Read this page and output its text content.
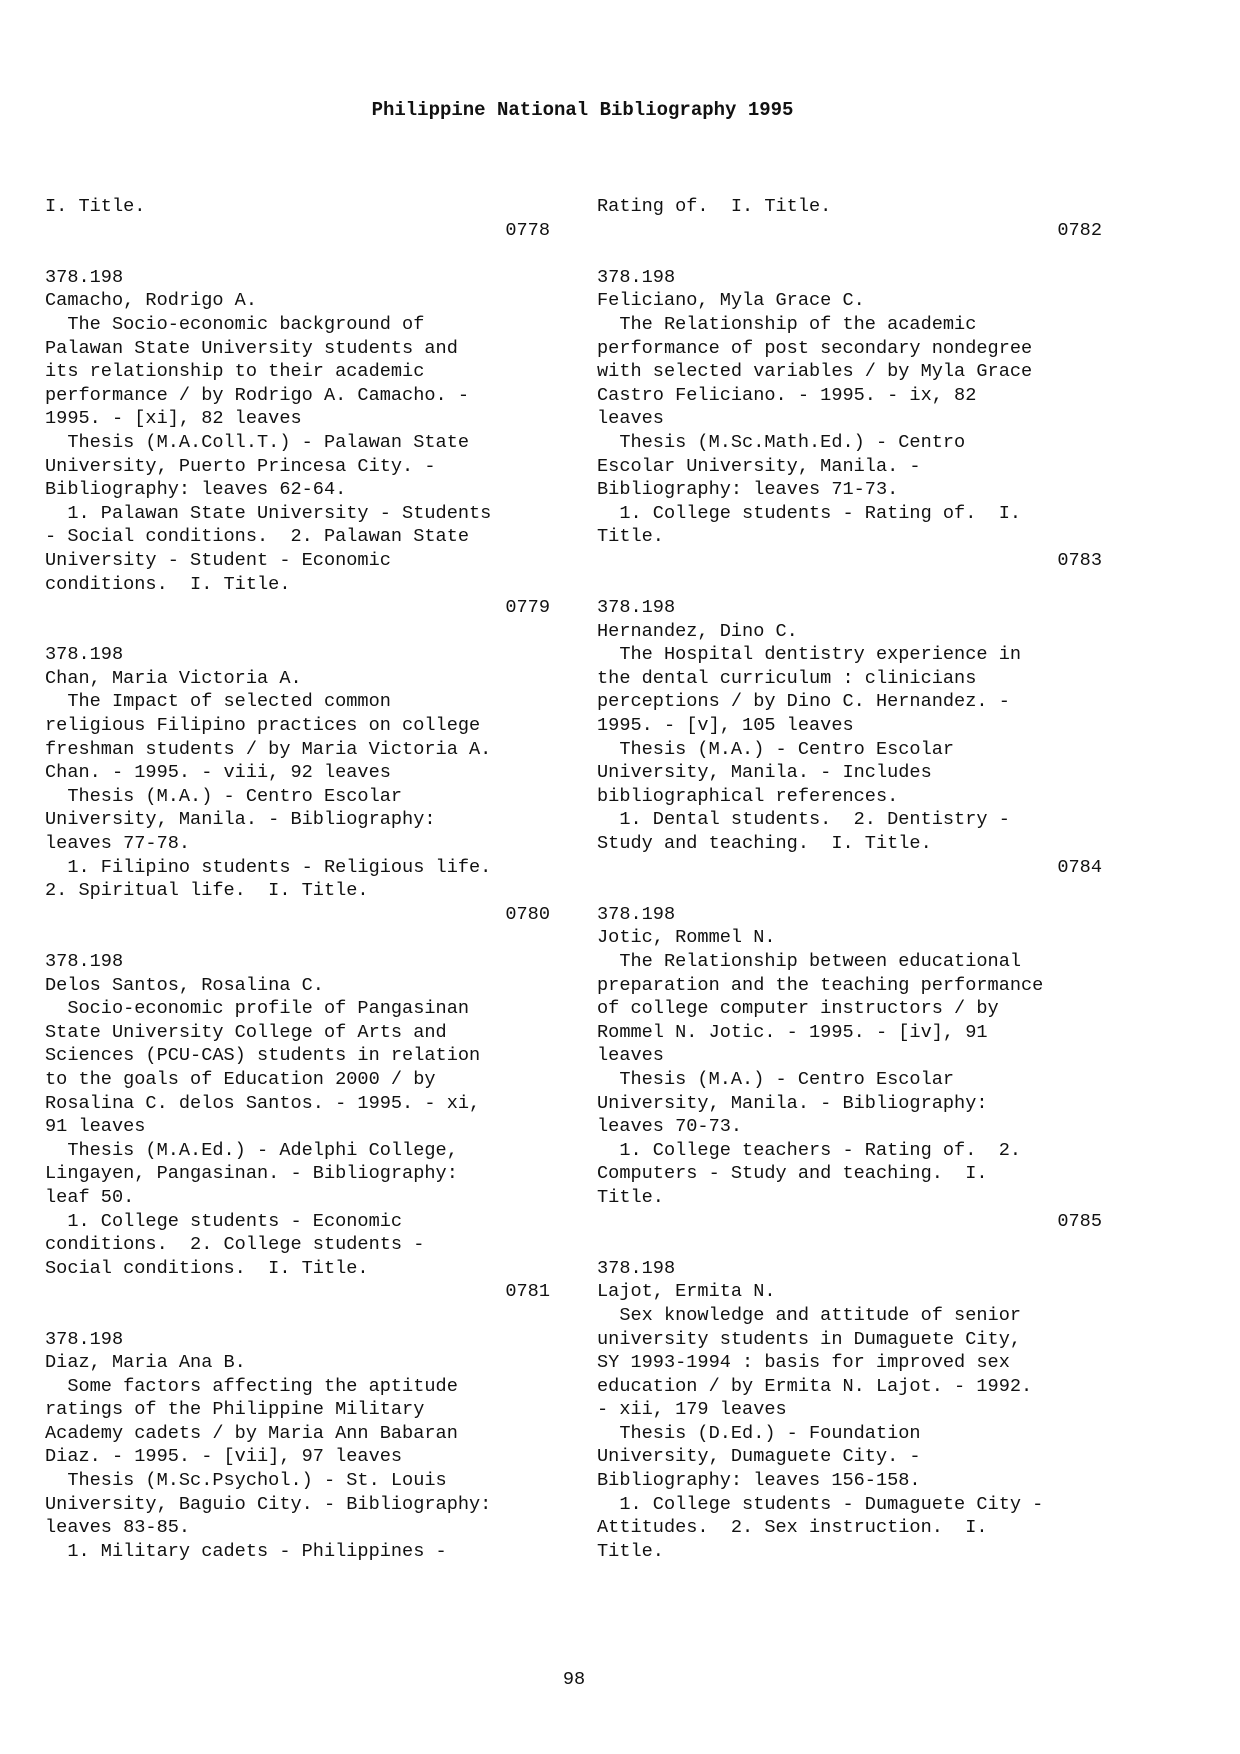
Philippine National Bibliography 1995
I. Title.
0778

378.198
Camacho, Rodrigo A.
The Socio-economic background of
Palawan State University students and
its relationship to their academic
performance / by Rodrigo A. Camacho. -
1995. - [xi], 82 leaves
Thesis (M.A.Coll.T.) - Palawan State
University, Puerto Princesa City. -
Bibliography: leaves 62-64.
1. Palawan State University - Students
- Social conditions.  2. Palawan State
University - Student - Economic
conditions.  I. Title.
0779

378.198
Chan, Maria Victoria A.
The Impact of selected common
religious Filipino practices on college
freshman students / by Maria Victoria A.
Chan. - 1995. - viii, 92 leaves
Thesis (M.A.) - Centro Escolar
University, Manila. - Bibliography:
leaves 77-78.
1. Filipino students - Religious life.
2. Spiritual life.  I. Title.
0780

378.198
Delos Santos, Rosalina C.
Socio-economic profile of Pangasinan
State University College of Arts and
Sciences (PCU-CAS) students in relation
to the goals of Education 2000 / by
Rosalina C. delos Santos. - 1995. - xi,
91 leaves
Thesis (M.A.Ed.) - Adelphi College,
Lingayen, Pangasinan. - Bibliography:
leaf 50.
1. College students - Economic
conditions.  2. College students -
Social conditions.  I. Title.
0781

378.198
Diaz, Maria Ana B.
Some factors affecting the aptitude
ratings of the Philippine Military
Academy cadets / by Maria Ann Babaran
Diaz. - 1995. - [vii], 97 leaves
Thesis (M.Sc.Psychol.) - St. Louis
University, Baguio City. - Bibliography:
leaves 83-85.
1. Military cadets - Philippines -
Rating of.  I. Title.
0782

378.198
Feliciano, Myla Grace C.
The Relationship of the academic
performance of post secondary nondegree
with selected variables / by Myla Grace
Castro Feliciano. - 1995. - ix, 82
leaves
Thesis (M.Sc.Math.Ed.) - Centro
Escolar University, Manila. -
Bibliography: leaves 71-73.
1. College students - Rating of.  I.
Title.
0783

378.198
Hernandez, Dino C.
The Hospital dentistry experience in
the dental curriculum : clinicians
perceptions / by Dino C. Hernandez. -
1995. - [v], 105 leaves
Thesis (M.A.) - Centro Escolar
University, Manila. - Includes
bibliographical references.
1. Dental students.  2. Dentistry -
Study and teaching.  I. Title.
0784

378.198
Jotic, Rommel N.
The Relationship between educational
preparation and the teaching performance
of college computer instructors / by
Rommel N. Jotic. - 1995. - [iv], 91
leaves
Thesis (M.A.) - Centro Escolar
University, Manila. - Bibliography:
leaves 70-73.
1. College teachers - Rating of.  2.
Computers - Study and teaching.  I.
Title.
0785

378.198
Lajot, Ermita N.
Sex knowledge and attitude of senior
university students in Dumaguete City,
SY 1993-1994 : basis for improved sex
education / by Ermita N. Lajot. - 1992.
- xii, 179 leaves
Thesis (D.Ed.) - Foundation
University, Dumaguete City. -
Bibliography: leaves 156-158.
1. College students - Dumaguete City -
Attitudes.  2. Sex instruction.  I.
Title.
98
